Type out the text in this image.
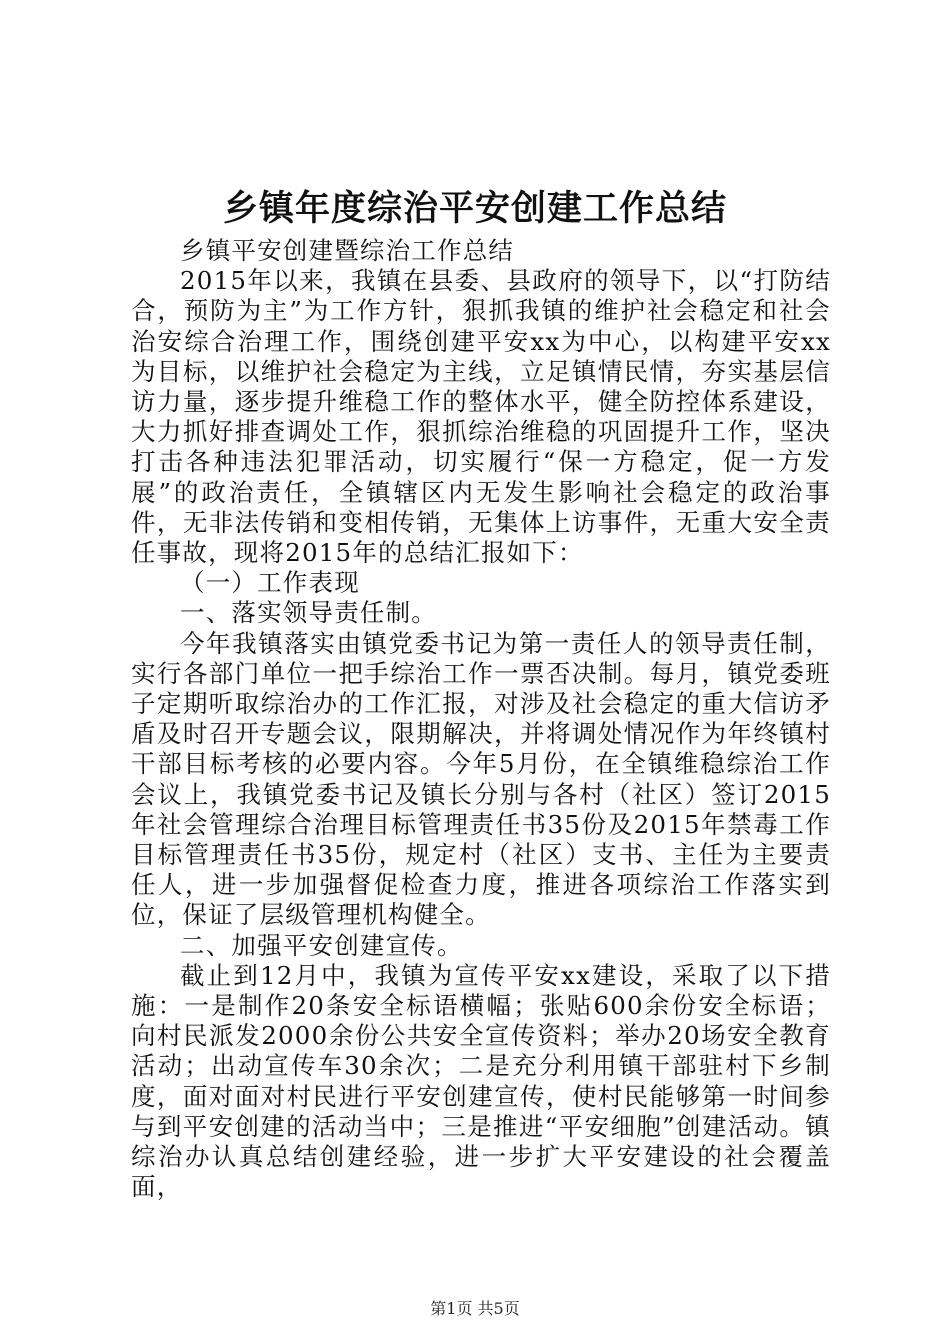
乡镇年度综治平安创建工作总结

乡镇平安创建暨综治工作总结

2015年以来，我镇在县委、县政府的领导下，以“打防结合，预防为主”为工作方针，狠抓我镇的维护社会稳定和社会治安综合治理工作，围绕创建平安xx为中心，以构建平安xx为目标，以维护社会稳定为主线，立足镇情民情，夯实基层信访力量，逐步提升维稳工作的整体水平，健全防控体系建设，大力抓好排查调处工作，狠抓综治维稳的巩固提升工作，坚决打击各种违法犯罪活动，切实履行“保一方稳定，促一方发展”的政治责任，全镇辖区内无发生影响社会稳定的政治事件，无非法传销和变相传销，无集体上访事件，无重大安全责任事故，现将2015年的总结汇报如下：

（一）工作表现

一、落实领导责任制。

今年我镇落实由镇党委书记为第一责任人的领导责任制，实行各部门单位一把手综治工作一票否决制。每月，镇党委班子定期听取综治办的工作汇报，对涉及社会稳定的重大信访矛盾及时召开专题会议，限期解决，并将调处情况作为年终镇村干部目标考核的必要内容。今年5月份，在全镇维稳综治工作会议上，我镇党委书记及镇长分别与各村（社区）签订2015年社会管理综合治理目标管理责任书35份及2015年禁毒工作目标管理责任书35份，规定村（社区）支书、主任为主要责任人，进一步加强督促检查力度，推进各项综治工作落实到位，保证了层级管理机构健全。

二、加强平安创建宣传。

截止到12月中，我镇为宣传平安xx建设，采取了以下措施：一是制作20条安全标语横幅；张贴600余份安全标语；向村民派发2000余份公共安全宣传资料；举办20场安全教育活动；出动宣传车30余次；二是充分利用镇干部驻村下乡制度，面对面对村民进行平安创建宣传，使村民能够第一时间参与到平安创建的活动当中；三是推进“平安细胞”创建活动。镇综治办认真总结创建经验，进一步扩大平安建设的社会覆盖面，

第1页 共5页
